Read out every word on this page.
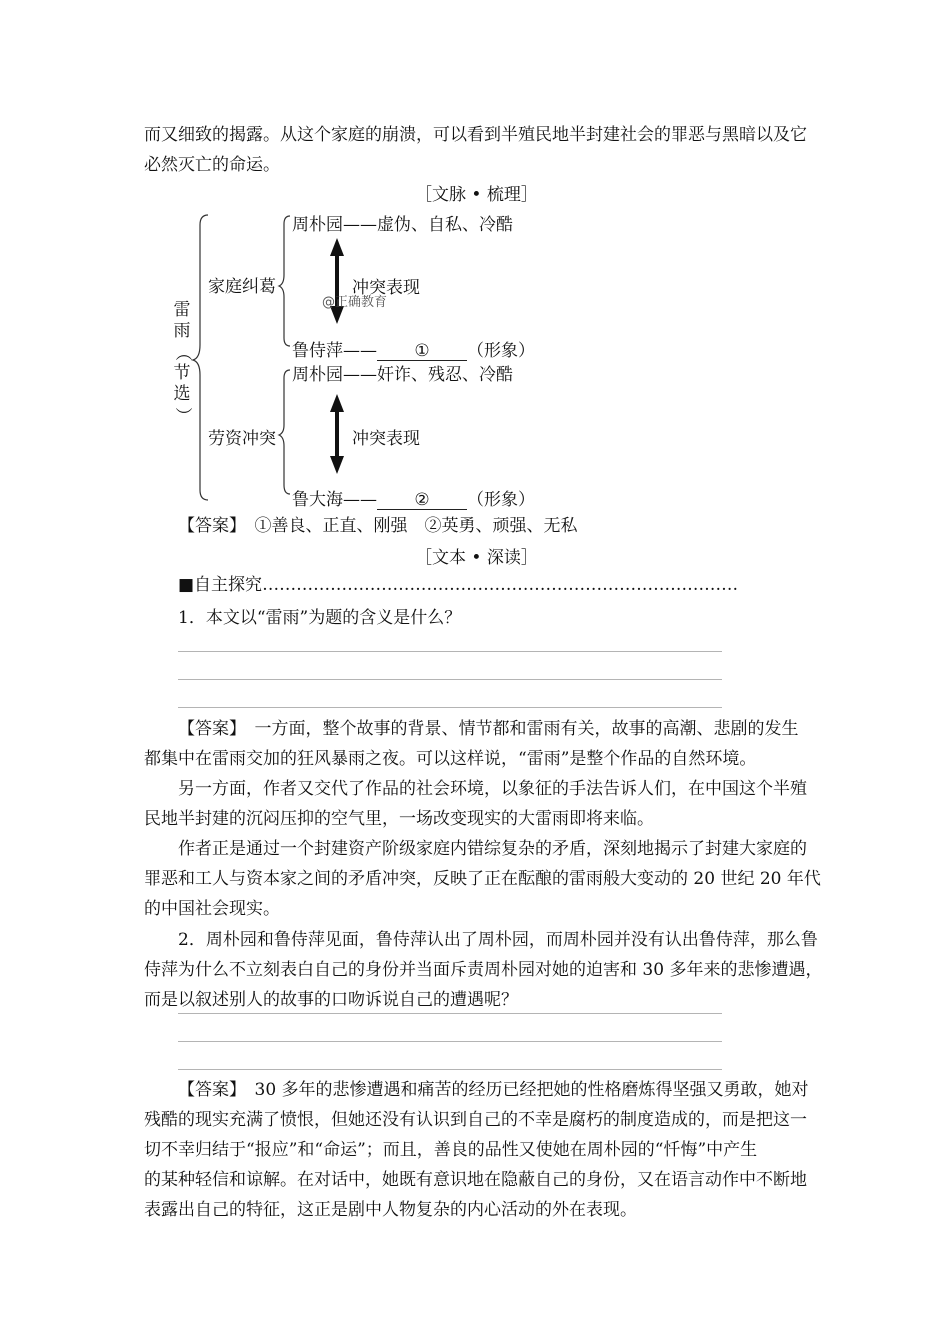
而又细致的揭露。从这个家庭的崩溃，可以看到半殖民地半封建社会的罪恶与黑暗以及它
必然灭亡的命运。
［文脉 • 梳理］
雷
雨
（
节
选
）
家庭纠葛
周朴园——虚伪、自私、冷酷
冲突表现
@正确教育
鲁侍萍—— ① （形象）
劳资冲突
周朴园——奸诈、残忍、冷酷
冲突表现
鲁大海—— ② （形象）
【答案】　①善良、正直、刚强　②英勇、顽强、无私
［文本 • 深读］
■自主探究…………………………………………………………………………
1．本文以“雷雨”为题的含义是什么？
【答案】　一方面，整个故事的背景、情节都和雷雨有关，故事的高潮、悲剧的发生
都集中在雷雨交加的狂风暴雨之夜。可以这样说，“雷雨”是整个作品的自然环境。
另一方面，作者又交代了作品的社会环境，以象征的手法告诉人们，在中国这个半殖
民地半封建的沉闷压抑的空气里，一场改变现实的大雷雨即将来临。
作者正是通过一个封建资产阶级家庭内错综复杂的矛盾，深刻地揭示了封建大家庭的
罪恶和工人与资本家之间的矛盾冲突，反映了正在酝酿的雷雨般大变动的 20 世纪 20 年代
的中国社会现实。
2．周朴园和鲁侍萍见面，鲁侍萍认出了周朴园，而周朴园并没有认出鲁侍萍，那么鲁
侍萍为什么不立刻表白自己的身份并当面斥责周朴园对她的迫害和 30 多年来的悲惨遭遇，
而是以叙述别人的故事的口吻诉说自己的遭遇呢？
【答案】　30 多年的悲惨遭遇和痛苦的经历已经把她的性格磨炼得坚强又勇敢，她对
残酷的现实充满了愤恨，但她还没有认识到自己的不幸是腐朽的制度造成的，而是把这一
切不幸归结于“报应”和“命运”；而且，善良的品性又使她在周朴园的“忏悔”中产生
的某种轻信和谅解。在对话中，她既有意识地在隐蔽自己的身份，又在语言动作中不断地
表露出自己的特征，这正是剧中人物复杂的内心活动的外在表现。
